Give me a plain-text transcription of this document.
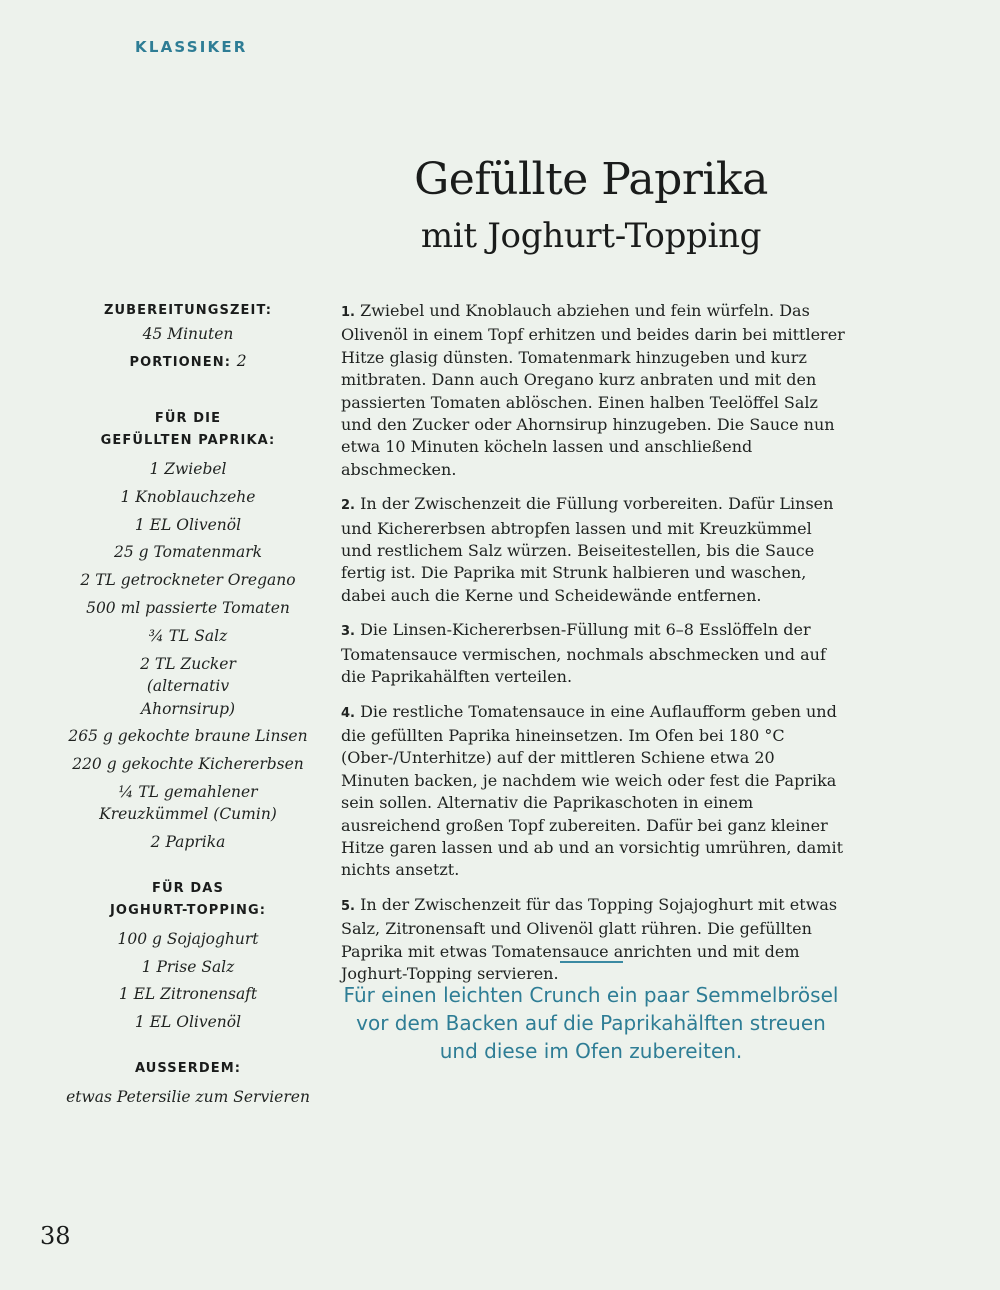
KLASSIKER
Gefüllte Paprika
mit Joghurt-Topping
ZUBEREITUNGSZEIT:
45 Minuten
PORTIONEN: 2
FÜR DIE
GEFÜLLTEN PAPRIKA:
1 Zwiebel
1 Knoblauchzehe
1 EL Olivenöl
25 g Tomatenmark
2 TL getrockneter Oregano
500 ml passierte Tomaten
¾ TL Salz
2 TL Zucker (alternativ Ahornsirup)
265 g gekochte braune Linsen
220 g gekochte Kichererbsen
¼ TL gemahlener Kreuzkümmel (Cumin)
2 Paprika
FÜR DAS
JOGHURT-TOPPING:
100 g Sojajoghurt
1 Prise Salz
1 EL Zitronensaft
1 EL Olivenöl
AUSSERDEM:
etwas Petersilie zum Servieren

1. Zwiebel und Knoblauch abziehen und fein würfeln. Das Olivenöl in einem Topf erhitzen und beides darin bei mittlerer Hitze glasig dünsten. Tomatenmark hinzugeben und kurz mitbraten. Dann auch Oregano kurz anbraten und mit den passierten Tomaten ablöschen. Einen halben Teelöffel Salz und den Zucker oder Ahornsirup hinzugeben. Die Sauce nun etwa 10 Minuten köcheln lassen und anschließend abschmecken.

2. In der Zwischenzeit die Füllung vorbereiten. Dafür Linsen und Kichererbsen abtropfen lassen und mit Kreuzkümmel und restlichem Salz würzen. Beiseitestellen, bis die Sauce fertig ist. Die Paprika mit Strunk halbieren und waschen, dabei auch die Kerne und Scheidewände entfernen.

3. Die Linsen-Kichererbsen-Füllung mit 6–8 Esslöffeln der Tomatensauce vermischen, nochmals abschmecken und auf die Paprikahälften verteilen.

4. Die restliche Tomatensauce in eine Auflaufform geben und die gefüllten Paprika hineinsetzen. Im Ofen bei 180 °C (Ober-/Unterhitze) auf der mittleren Schiene etwa 20 Minuten backen, je nachdem wie weich oder fest die Paprika sein sollen. Alternativ die Paprikaschoten in einem ausreichend großen Topf zubereiten. Dafür bei ganz kleiner Hitze garen lassen und ab und an vorsichtig umrühren, damit nichts ansetzt.

5. In der Zwischenzeit für das Topping Sojajoghurt mit etwas Salz, Zitronensaft und Olivenöl glatt rühren. Die gefüllten Paprika mit etwas Tomatensauce anrichten und mit dem Joghurt-Topping servieren.

Für einen leichten Crunch ein paar Semmelbrösel vor dem Backen auf die Paprikahälften streuen und diese im Ofen zubereiten.
38
